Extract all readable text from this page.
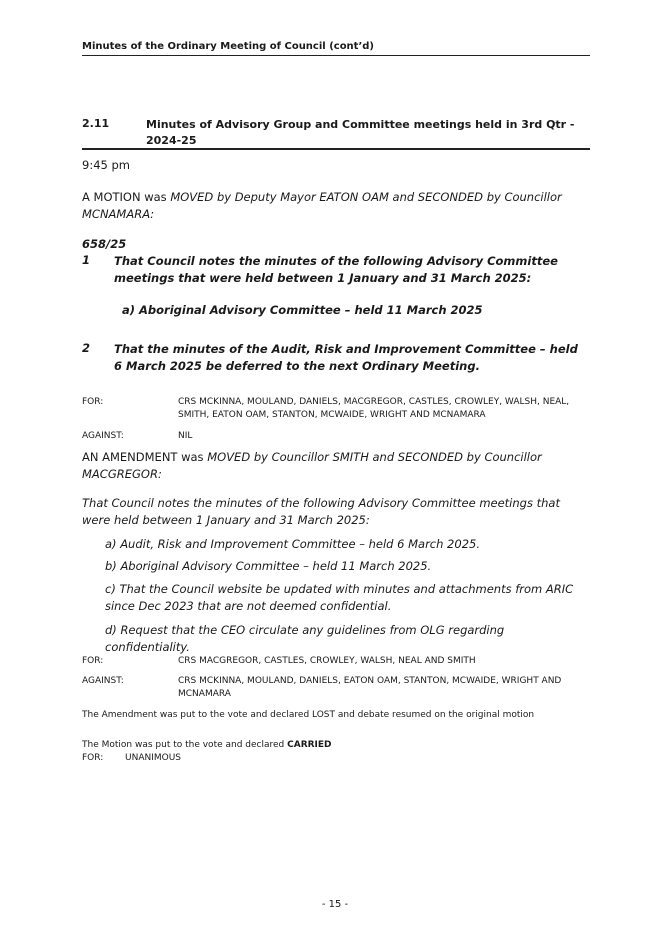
Minutes of the Ordinary Meeting of Council (cont’d)
2.11	Minutes of Advisory Group and Committee meetings held in 3rd Qtr - 2024-25
9:45 pm
A MOTION was MOVED by Deputy Mayor EATON OAM and SECONDED by Councillor MCNAMARA:
658/25
1 That Council notes the minutes of the following Advisory Committee meetings that were held between 1 January and 31 March 2025:
a) Aboriginal Advisory Committee – held 11 March 2025
2 That the minutes of the Audit, Risk and Improvement Committee – held 6 March 2025 be deferred to the next Ordinary Meeting.
FOR:	CRS MCKINNA, MOULAND, DANIELS, MACGREGOR, CASTLES, CROWLEY, WALSH, NEAL, SMITH, EATON OAM, STANTON, MCWAIDE, WRIGHT AND MCNAMARA
AGAINST:	NIL
AN AMENDMENT was MOVED by Councillor SMITH and SECONDED by Councillor MACGREGOR:
That Council notes the minutes of the following Advisory Committee meetings that were held between 1 January and 31 March 2025:
a) Audit, Risk and Improvement Committee – held 6 March 2025.
b) Aboriginal Advisory Committee – held 11 March 2025.
c) That the Council website be updated with minutes and attachments from ARIC since Dec 2023 that are not deemed confidential.
d) Request that the CEO circulate any guidelines from OLG regarding confidentiality.
FOR:	CRS MACGREGOR, CASTLES, CROWLEY, WALSH, NEAL AND SMITH
AGAINST:	CRS MCKINNA, MOULAND, DANIELS, EATON OAM, STANTON, MCWAIDE, WRIGHT AND MCNAMARA
The Amendment was put to the vote and declared LOST and debate resumed on the original motion
The Motion was put to the vote and declared CARRIED
FOR: UNANIMOUS
- 15 -
